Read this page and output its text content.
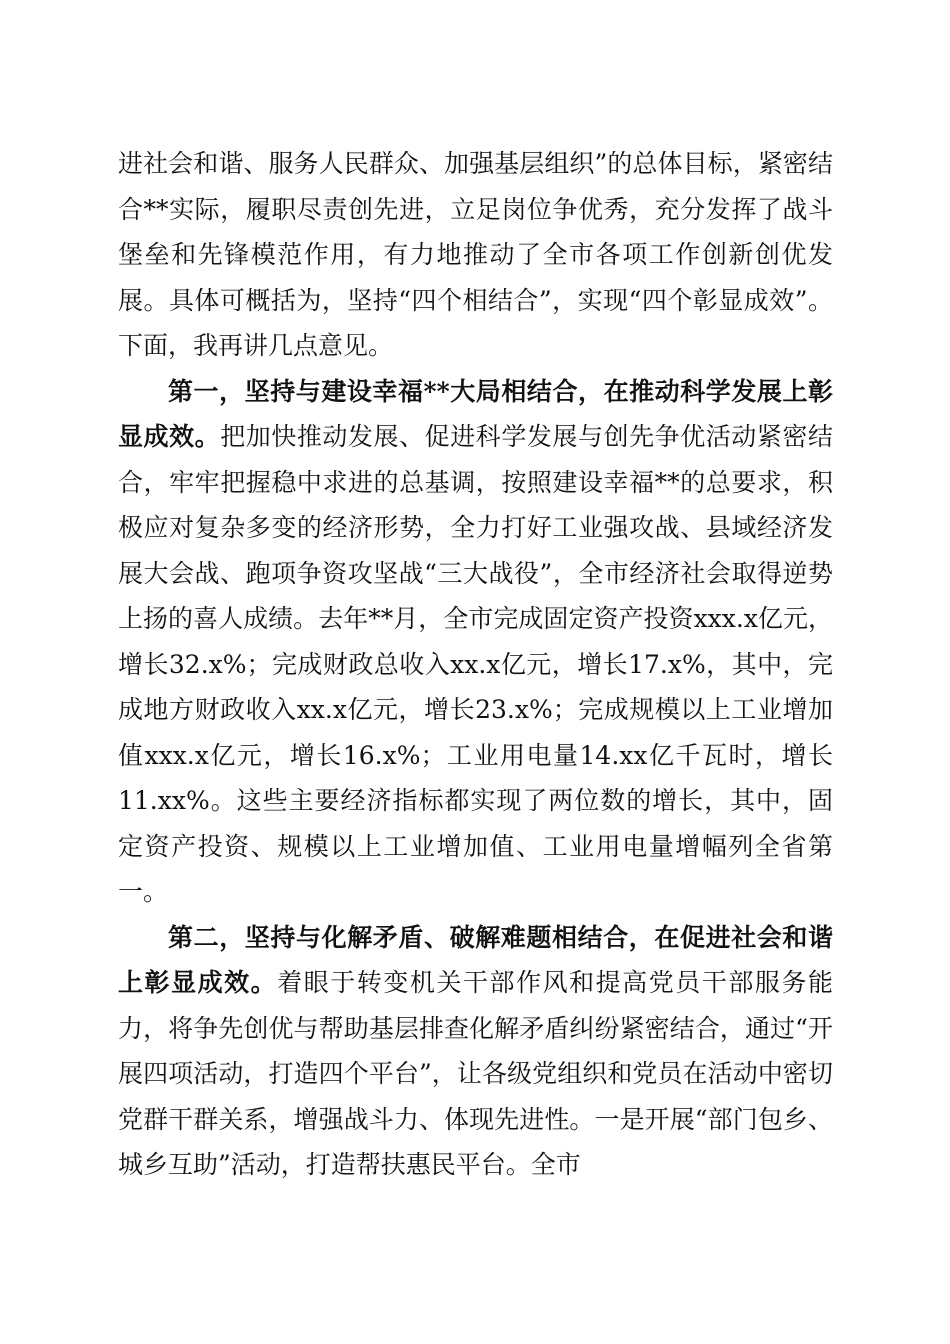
进社会和谐、服务人民群众、加强基层组织”的总体目标，紧密结合**实际，履职尽责创先进，立足岗位争优秀，充分发挥了战斗堡垒和先锋模范作用，有力地推动了全市各项工作创新创优发展。具体可概括为，坚持“四个相结合”，实现“四个彰显成效”。下面，我再讲几点意见。

第一，坚持与建设幸福**大局相结合，在推动科学发展上彰显成效。把加快推动发展、促进科学发展与创先争优活动紧密结合，牢牢把握稳中求进的总基调，按照建设幸福**的总要求，积极应对复杂多变的经济形势，全力打好工业强攻战、县域经济发展大会战、跑项争资攻坚战“三大战役”，全市经济社会取得逆势上扬的喜人成绩。去年**月，全市完成固定资产投资xxx.x亿元，增长32.x%；完成财政总收入xx.x亿元，增长17.x%，其中，完成地方财政收入xx.x亿元，增长23.x%；完成规模以上工业增加值xxx.x亿元，增长16.x%；工业用电量14.xx亿千瓦时，增长11.xx%。这些主要经济指标都实现了两位数的增长，其中，固定资产投资、规模以上工业增加值、工业用电量增幅列全省第一。

第二，坚持与化解矛盾、破解难题相结合，在促进社会和谐上彰显成效。着眼于转变机关干部作风和提高党员干部服务能力，将争先创优与帮助基层排查化解矛盾纠纷紧密结合，通过“开展四项活动，打造四个平台”，让各级党组织和党员在活动中密切党群干群关系，增强战斗力、体现先进性。一是开展“部门包乡、城乡互助”活动，打造帮扶惠民平台。全市
